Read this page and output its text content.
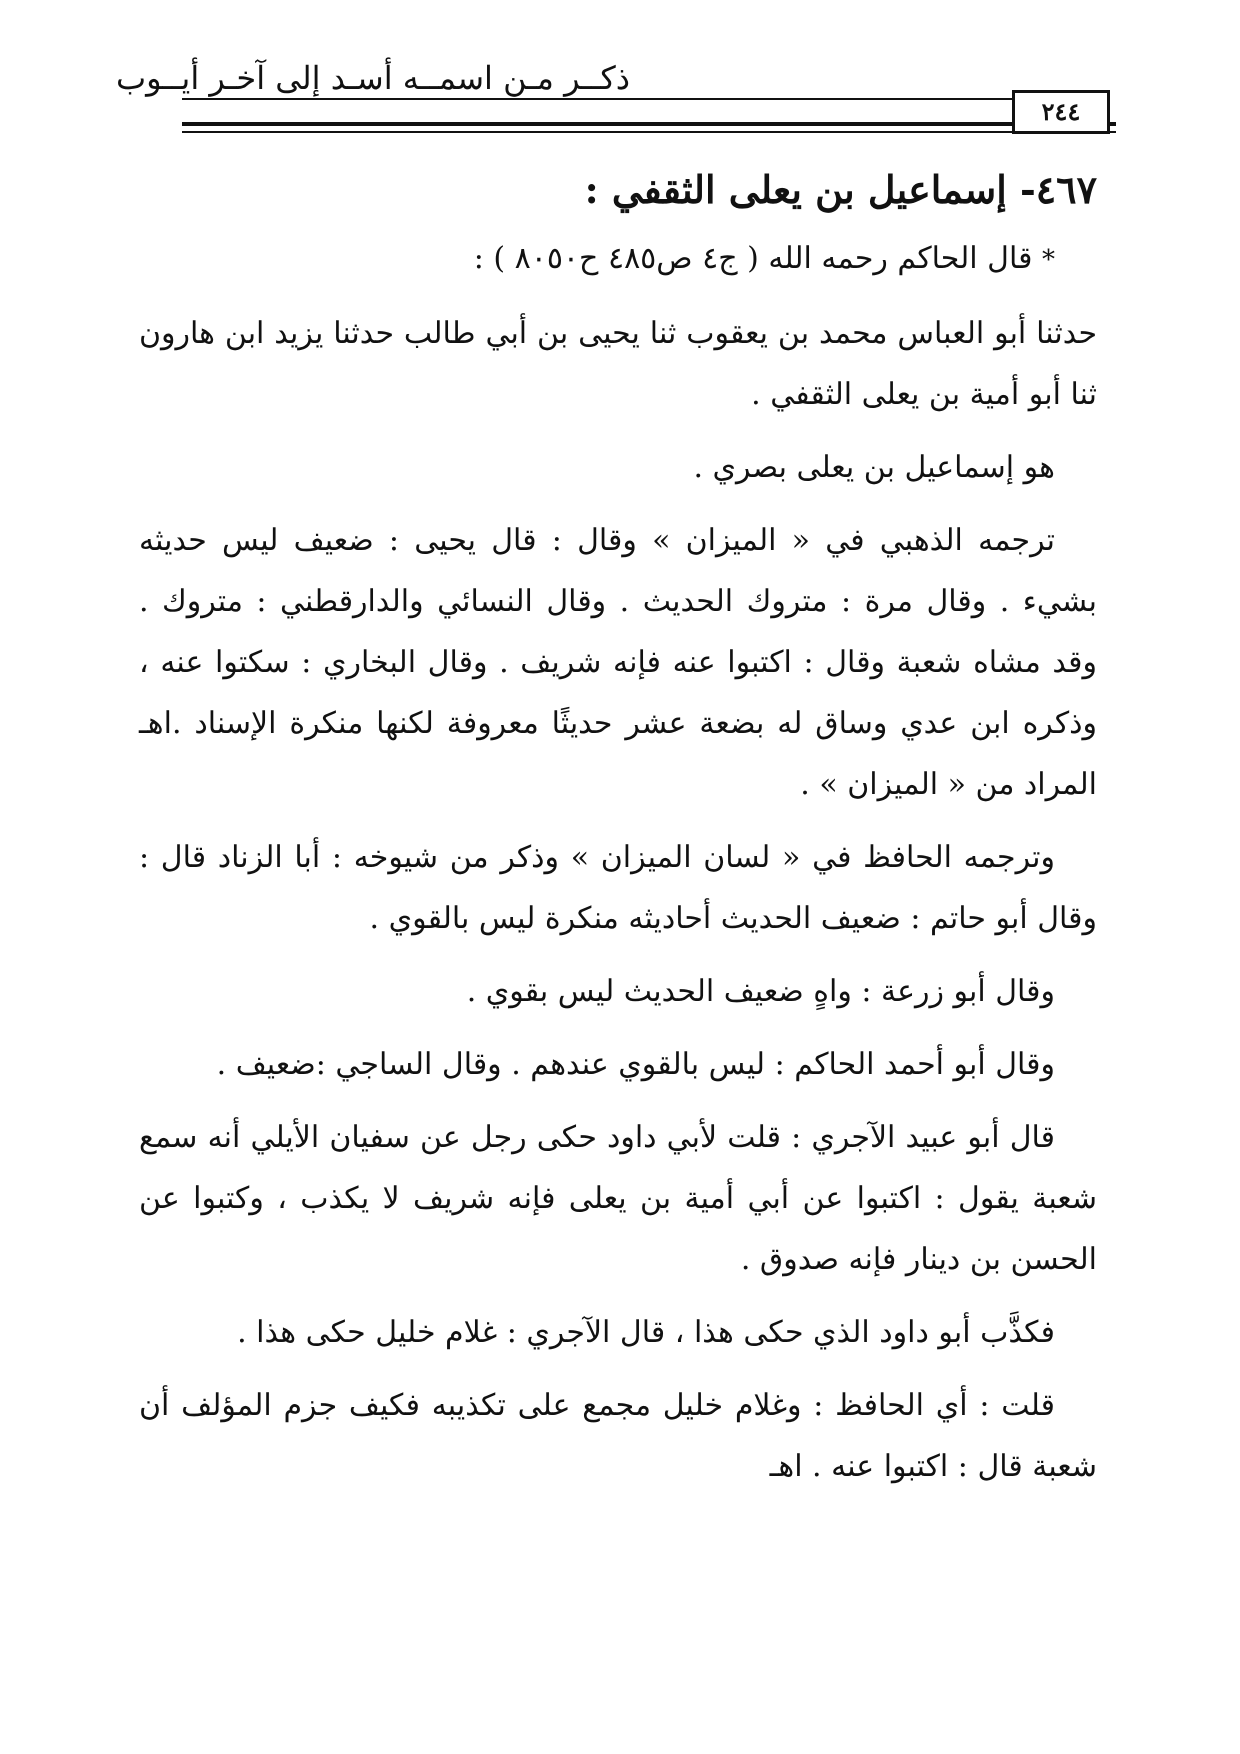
ذكــر مـن اسمــه أسـد إلى آخـر أيــوب
٢٤٤
٤٦٧- إسماعيل بن يعلى الثقفي :

* قال الحاكم رحمه الله ( ج٤ ص٤٨٥ ح٨٠٥٠ ) :

حدثنا أبو العباس محمد بن يعقوب ثنا يحيى بن أبي طالب حدثنا يزيد ابن هارون ثنا أبو أمية بن يعلى الثقفي .

هو إسماعيل بن يعلى بصري .

ترجمه الذهبي في « الميزان » وقال : قال يحيى : ضعيف ليس حديثه بشيء . وقال مرة : متروك الحديث . وقال النسائي والدارقطني : متروك . وقد مشاه شعبة وقال : اكتبوا عنه فإنه شريف . وقال البخاري : سكتوا عنه ، وذكره ابن عدي وساق له بضعة عشر حديثًا معروفة لكنها منكرة الإسناد .اهـ المراد من « الميزان » .

وترجمه الحافظ في « لسان الميزان » وذكر من شيوخه : أبا الزناد قال : وقال أبو حاتم : ضعيف الحديث أحاديثه منكرة ليس بالقوي .

وقال أبو زرعة : واهٍ ضعيف الحديث ليس بقوي .

وقال أبو أحمد الحاكم : ليس بالقوي عندهم . وقال الساجي :ضعيف .

قال أبو عبيد الآجري : قلت لأبي داود حكى رجل عن سفيان الأيلي أنه سمع شعبة يقول : اكتبوا عن أبي أمية بن يعلى فإنه شريف لا يكذب ، وكتبوا عن الحسن بن دينار فإنه صدوق .

فكذَّب أبو داود الذي حكى هذا ، قال الآجري : غلام خليل حكى هذا .

قلت : أي الحافظ : وغلام خليل مجمع على تكذيبه فكيف جزم المؤلف أن شعبة قال : اكتبوا عنه . اهـ
